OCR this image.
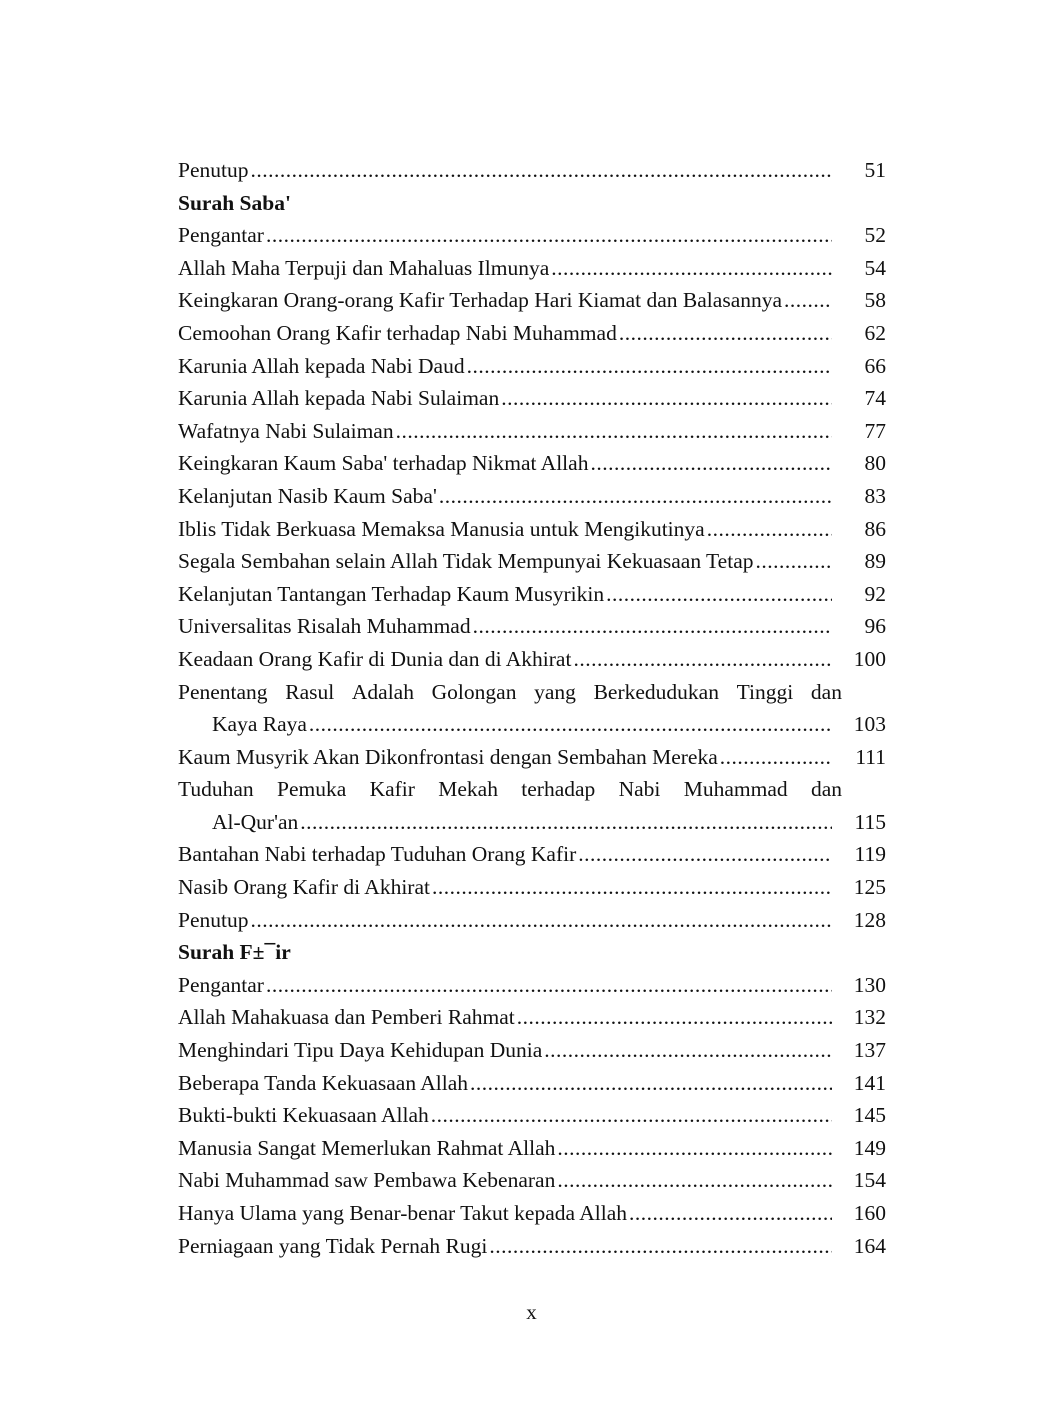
Penutup .....	51
Surah Saba'
Pengantar .....	52
Allah Maha Terpuji dan Mahaluas Ilmunya .....	54
Keingkaran Orang-orang Kafir Terhadap Hari Kiamat dan Balasannya .....	58
Cemoohan Orang Kafir terhadap Nabi Muhammad .....	62
Karunia Allah kepada Nabi Daud .....	66
Karunia Allah kepada Nabi Sulaiman .....	74
Wafatnya Nabi Sulaiman .....	77
Keingkaran Kaum Saba' terhadap Nikmat Allah .....	80
Kelanjutan Nasib Kaum Saba' .....	83
Iblis Tidak Berkuasa Memaksa Manusia untuk Mengikutinya .....	86
Segala Sembahan selain Allah Tidak Mempunyai Kekuasaan Tetap .....	89
Kelanjutan Tantangan Terhadap Kaum Musyrikin .....	92
Universalitas Risalah Muhammad .....	96
Keadaan Orang Kafir di Dunia dan di Akhirat .....	100
Penentang Rasul Adalah Golongan yang Berkedudukan Tinggi dan
Kaya Raya .....	103
Kaum Musyrik Akan Dikonfrontasi dengan Sembahan Mereka .....	111
Tuduhan Pemuka Kafir Mekah terhadap Nabi Muhammad dan
Al-Qur'an .....	115
Bantahan Nabi terhadap Tuduhan Orang Kafir .....	119
Nasib Orang Kafir di Akhirat .....	125
Penutup .....	128
Surah F±¯ir
Pengantar .....	130
Allah Mahakuasa dan Pemberi Rahmat .....	132
Menghindari Tipu Daya Kehidupan Dunia .....	137
Beberapa Tanda Kekuasaan Allah .....	141
Bukti-bukti Kekuasaan Allah .....	145
Manusia Sangat Memerlukan Rahmat Allah .....	149
Nabi Muhammad saw Pembawa Kebenaran .....	154
Hanya Ulama yang Benar-benar Takut kepada Allah .....	160
Perniagaan yang Tidak Pernah Rugi .....	164
x
